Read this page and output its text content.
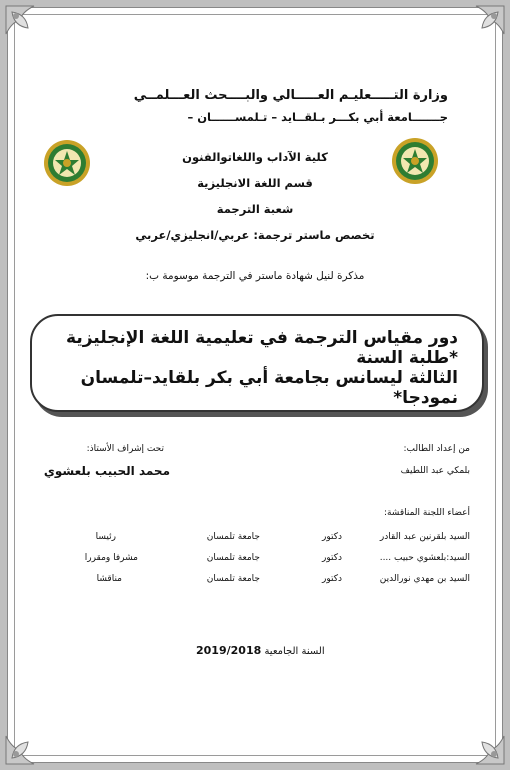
وزارة التـــــعليـم العـــــالي والبــــحث العـــلمــي
جـــــــامعة أبي بكـــر بـلقــايد – تـلمســــــان –
كلية الآداب واللغاتوالفنون
قسم اللغة الانجليزية
شعبة الترجمة
تخصص ماستر ترجمة: عربي/انجليزي/عربي
مذكرة لنيل شهادة ماستر في الترجمة موسومة ب:
دور مقياس الترجمة في تعليمية اللغة الإنجليزية *طلبة السنة
الثالثة ليسانس بجامعة أبي بكر بلقايد–تلمسان نمودجا*
من إعداد الطالب:
بلمكي عبد اللطيف
تحت إشراف الأستاذ:
محمد الحبيب بلعشوي
أعضاء اللجنة المناقشة:
السيد بلقرنين عبد القادر
دكتور
جامعة تلمسان
رئيسا
السيد:بلعشوي حبيب ....
دكتور
جامعة تلمسان
مشرفا ومقررا
السيد بن مهدي نورالدين
دكتور
جامعة تلمسان
مناقشا
السنة الجامعية 2019/2018
